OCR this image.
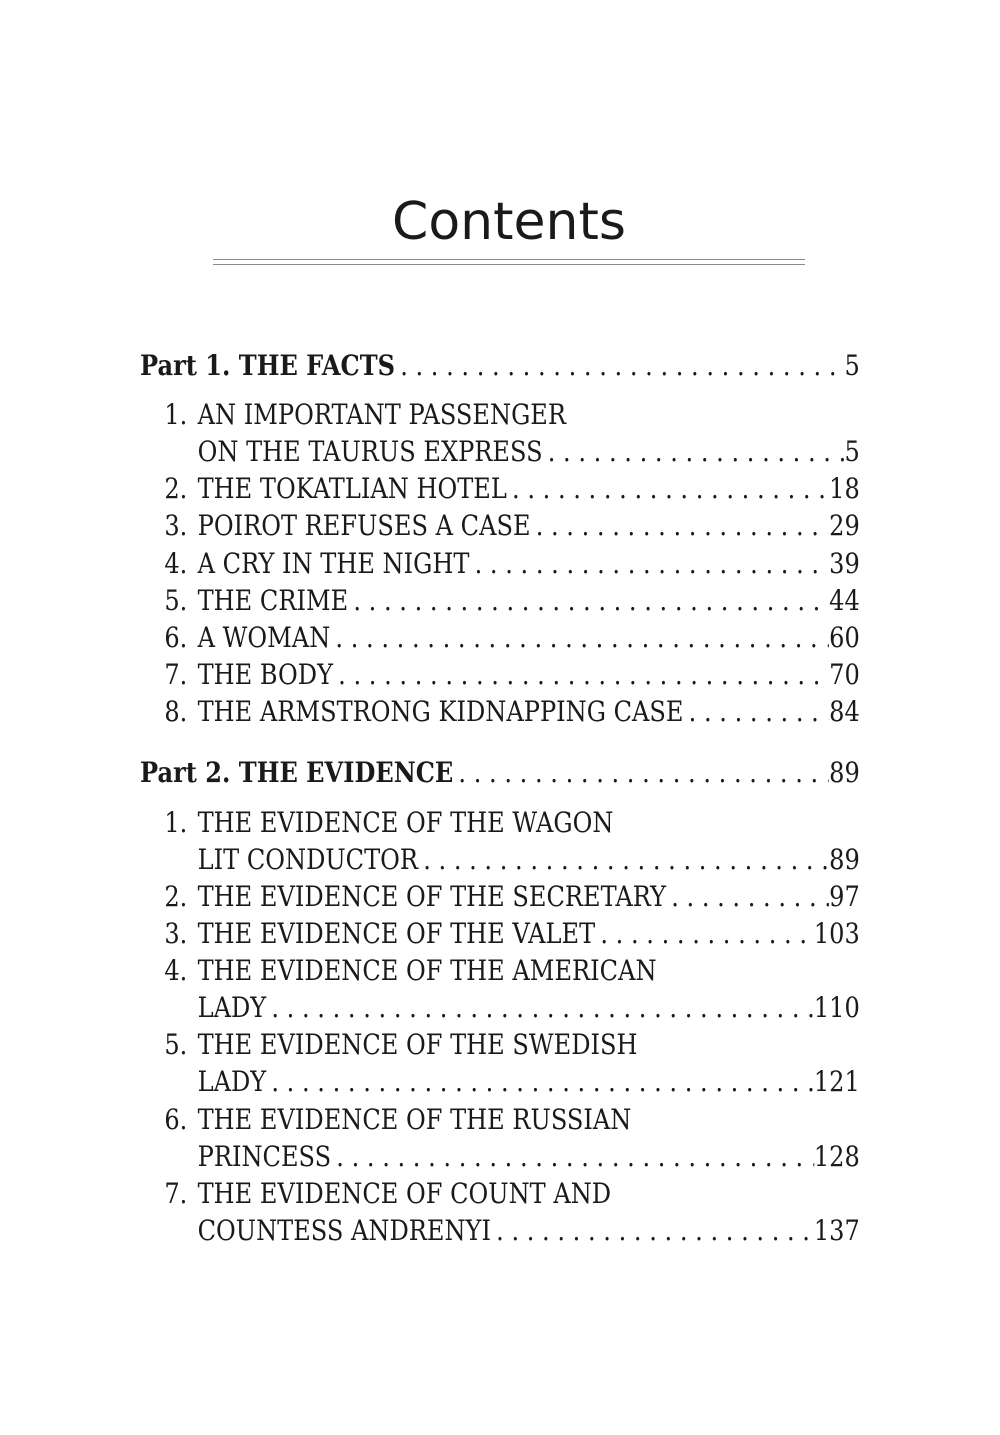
Contents
Part 1. THE FACTS . . .	5
1. AN IMPORTANT PASSENGER
ON THE TAURUS EXPRESS . . .	5
2. THE TOKATLIAN HOTEL . . .	18
3. POIROT REFUSES A CASE . . .	29
4. A CRY IN THE NIGHT . . .	39
5. THE CRIME . . .	44
6. A WOMAN . . .	60
7. THE BODY . . .	70
8. THE ARMSTRONG KIDNAPPING CASE . . .	84
Part 2. THE EVIDENCE . . .	89
1. THE EVIDENCE OF THE WAGON
LIT CONDUCTOR . . .	89
2. THE EVIDENCE OF THE SECRETARY . . .	97
3. THE EVIDENCE OF THE VALET . . .	103
4. THE EVIDENCE OF THE AMERICAN
LADY . . .	110
5. THE EVIDENCE OF THE SWEDISH
LADY . . .	121
6. THE EVIDENCE OF THE RUSSIAN
PRINCESS . . .	128
7. THE EVIDENCE OF COUNT AND
COUNTESS ANDRENYI . . .	137
